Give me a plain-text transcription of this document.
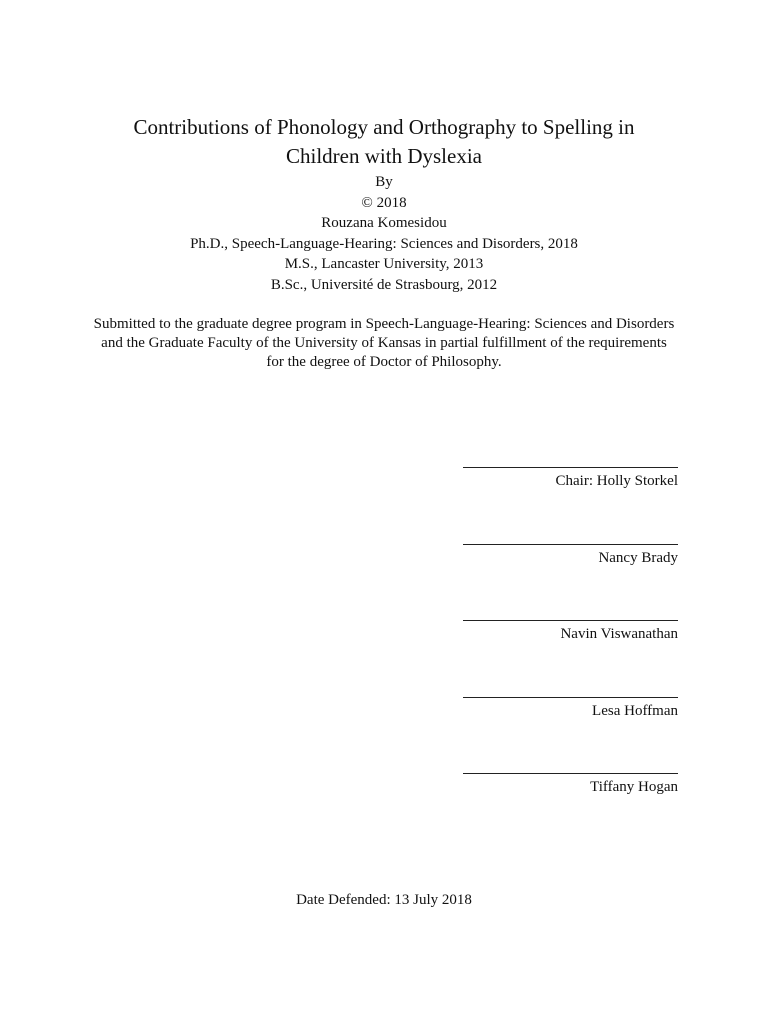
Contributions of Phonology and Orthography to Spelling in
Children with Dyslexia
By
© 2018
Rouzana Komesidou
Ph.D., Speech-Language-Hearing: Sciences and Disorders, 2018
M.S., Lancaster University, 2013
B.Sc., Université de Strasbourg, 2012
Submitted to the graduate degree program in Speech-Language-Hearing: Sciences and Disorders
and the Graduate Faculty of the University of Kansas in partial fulfillment of the requirements
for the degree of Doctor of Philosophy.
Chair: Holly Storkel
Nancy Brady
Navin Viswanathan
Lesa Hoffman
Tiffany Hogan
Date Defended: 13 July 2018
